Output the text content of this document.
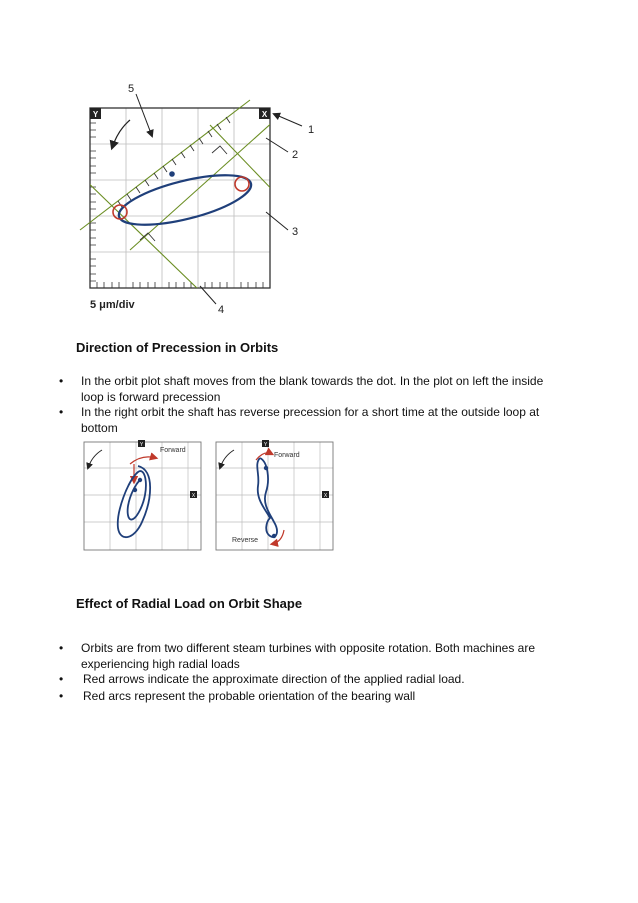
Y	X
1
2
3
4
5
5 μm/div
Direction of Precession in Orbits
•	In the orbit plot shaft moves from the blank towards the dot. In the plot on left the inside loop is forward precession
•	In the right orbit the shaft has reverse precession for a short time at the outside loop at bottom
Y
X
Forward
Y
X
Forward
Reverse
Effect of Radial Load on Orbit Shape
•	Orbits are from two different steam turbines with opposite rotation. Both machines are experiencing high radial loads
•	Red arrows indicate the approximate direction of the applied radial load.
•	Red arcs represent the probable orientation of the bearing wall
